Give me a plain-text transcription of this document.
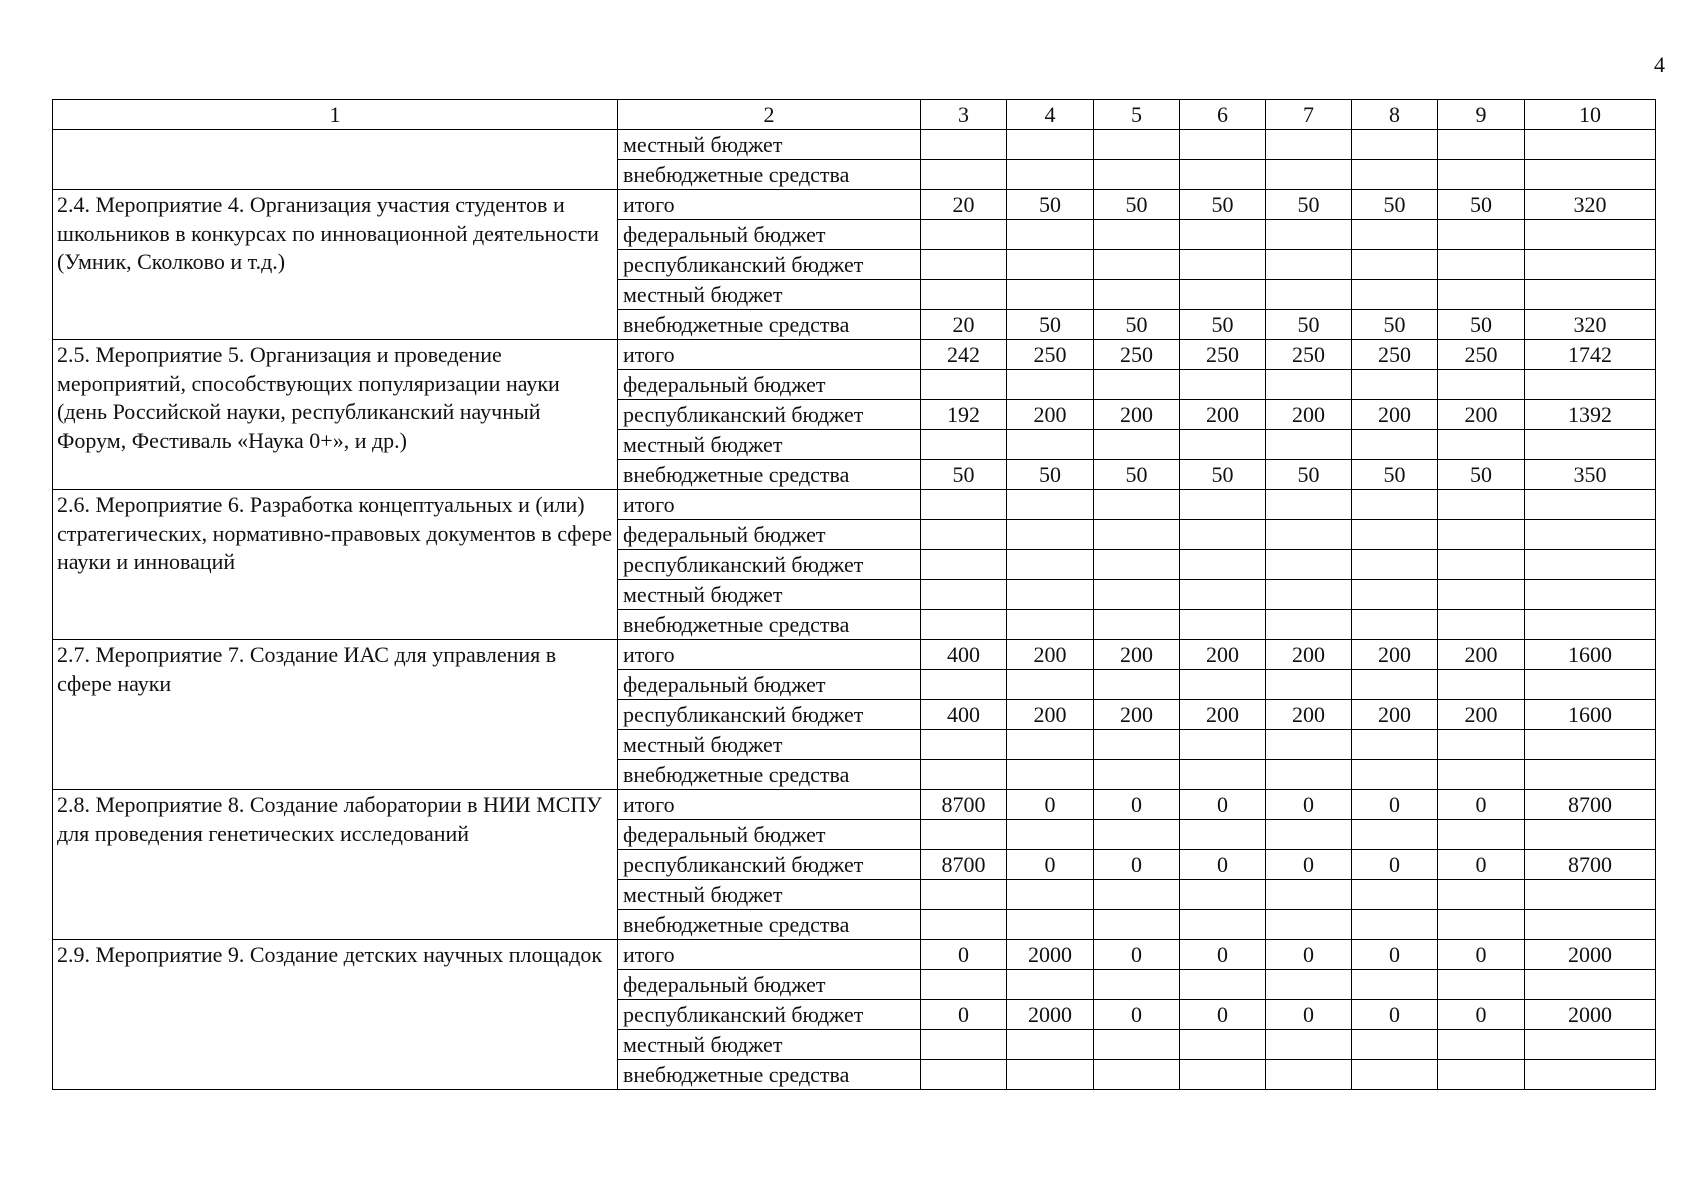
4
1	2	3	4	5	6	7	8	9	10
	местный бюджет								
	внебюджетные средства								

2.4. Мероприятие 4. Организация участия студентов и школьников в конкурсах по инновационной деятельности (Умник, Сколково и т.д.)	итого	20	50	50	50	50	50	50	320
	федеральный бюджет								
	республиканский бюджет								
	местный бюджет								
	внебюджетные средства	20	50	50	50	50	50	50	320

2.5. Мероприятие 5. Организация и проведение мероприятий, способствующих популяризации науки (день Российской науки, республиканский научный Форум, Фестиваль «Наука 0+», и др.)	итого	242	250	250	250	250	250	250	1742
	федеральный бюджет								
	республиканский бюджет	192	200	200	200	200	200	200	1392
	местный бюджет								
	внебюджетные средства	50	50	50	50	50	50	50	350

2.6. Мероприятие 6. Разработка концептуальных и (или) стратегических, нормативно-правовых документов в сфере науки и инноваций	итого								
	федеральный бюджет								
	республиканский бюджет								
	местный бюджет								
	внебюджетные средства								

2.7. Мероприятие 7. Создание ИАС для управления в сфере науки	итого	400	200	200	200	200	200	200	1600
	федеральный бюджет								
	республиканский бюджет	400	200	200	200	200	200	200	1600
	местный бюджет								
	внебюджетные средства								

2.8. Мероприятие 8. Создание лаборатории в НИИ МСПУ для проведения генетических исследований	итого	8700	0	0	0	0	0	0	8700
	федеральный бюджет								
	республиканский бюджет	8700	0	0	0	0	0	0	8700
	местный бюджет								
	внебюджетные средства								

2.9. Мероприятие 9. Создание детских научных площадок	итого	0	2000	0	0	0	0	0	2000
	федеральный бюджет								
	республиканский бюджет	0	2000	0	0	0	0	0	2000
	местный бюджет								
	внебюджетные средства								
